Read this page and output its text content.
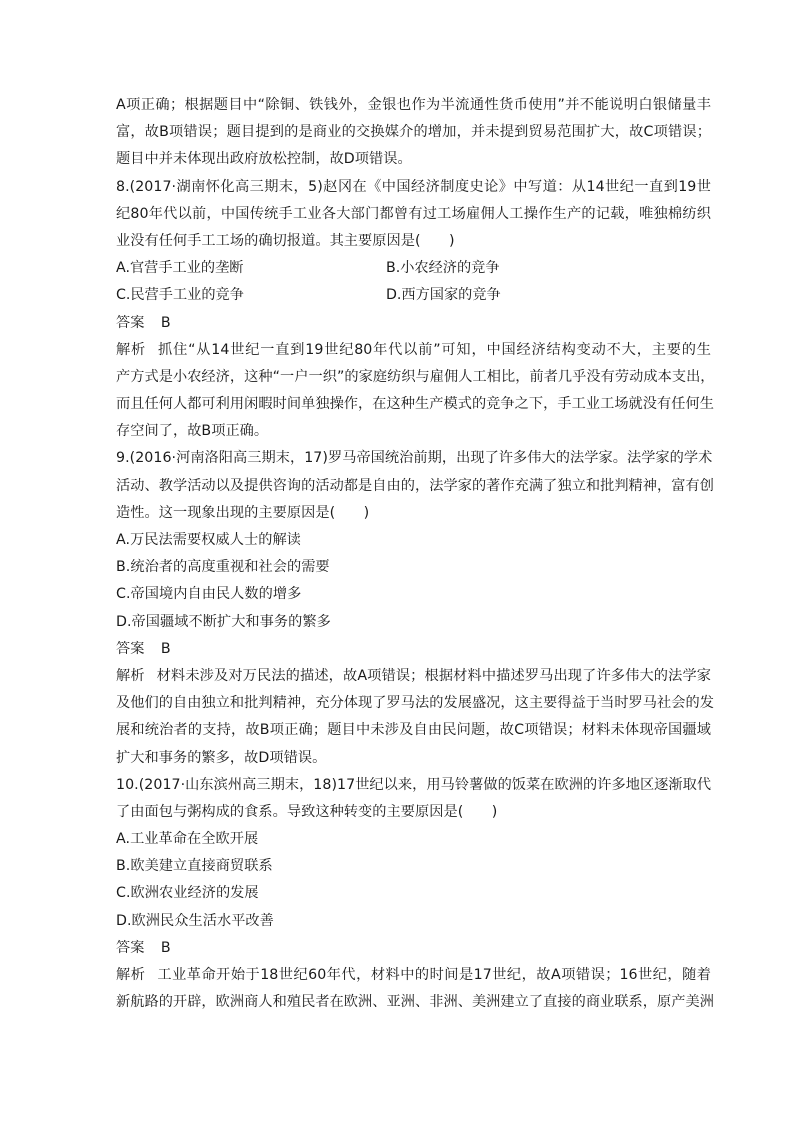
A项正确；根据题目中“除铜、铁钱外，金银也作为半流通性货币使用”并不能说明白银储量丰
富，故B项错误；题目提到的是商业的交换媒介的增加，并未提到贸易范围扩大，故C项错误；
题目中并未体现出政府放松控制，故D项错误。
8.(2017·湖南怀化高三期末，5)赵冈在《中国经济制度史论》中写道：从14世纪一直到19世
纪80年代以前，中国传统手工业各大部门都曾有过工场雇佣人工操作生产的记载，唯独棉纺织
业没有任何手工工场的确切报道。其主要原因是(　　)
A.官营手工业的垄断	B.小农经济的竞争
C.民营手工业的竞争	D.西方国家的竞争
答案 B
解析 抓住“从14世纪一直到19世纪80年代以前”可知，中国经济结构变动不大，主要的生
产方式是小农经济，这种“一户一织”的家庭纺织与雇佣人工相比，前者几乎没有劳动成本支出，
而且任何人都可利用闲暇时间单独操作，在这种生产模式的竞争之下，手工业工场就没有任何生
存空间了，故B项正确。
9.(2016·河南洛阳高三期末，17)罗马帝国统治前期，出现了许多伟大的法学家。法学家的学术
活动、教学活动以及提供咨询的活动都是自由的，法学家的著作充满了独立和批判精神，富有创
造性。这一现象出现的主要原因是(　　)
A.万民法需要权威人士的解读
B.统治者的高度重视和社会的需要
C.帝国境内自由民人数的增多
D.帝国疆域不断扩大和事务的繁多
答案 B
解析 材料未涉及对万民法的描述，故A项错误；根据材料中描述罗马出现了许多伟大的法学家
及他们的自由独立和批判精神，充分体现了罗马法的发展盛况，这主要得益于当时罗马社会的发
展和统治者的支持，故B项正确；题目中未涉及自由民问题，故C项错误；材料未体现帝国疆域
扩大和事务的繁多，故D项错误。
10.(2017·山东滨州高三期末，18)17世纪以来，用马铃薯做的饭菜在欧洲的许多地区逐渐取代
了由面包与粥构成的食系。导致这种转变的主要原因是(　　)
A.工业革命在全欧开展
B.欧美建立直接商贸联系
C.欧洲农业经济的发展
D.欧洲民众生活水平改善
答案 B
解析 工业革命开始于18世纪60年代，材料中的时间是17世纪，故A项错误；16世纪，随着
新航路的开辟，欧洲商人和殖民者在欧洲、亚洲、非洲、美洲建立了直接的商业联系，原产美洲
